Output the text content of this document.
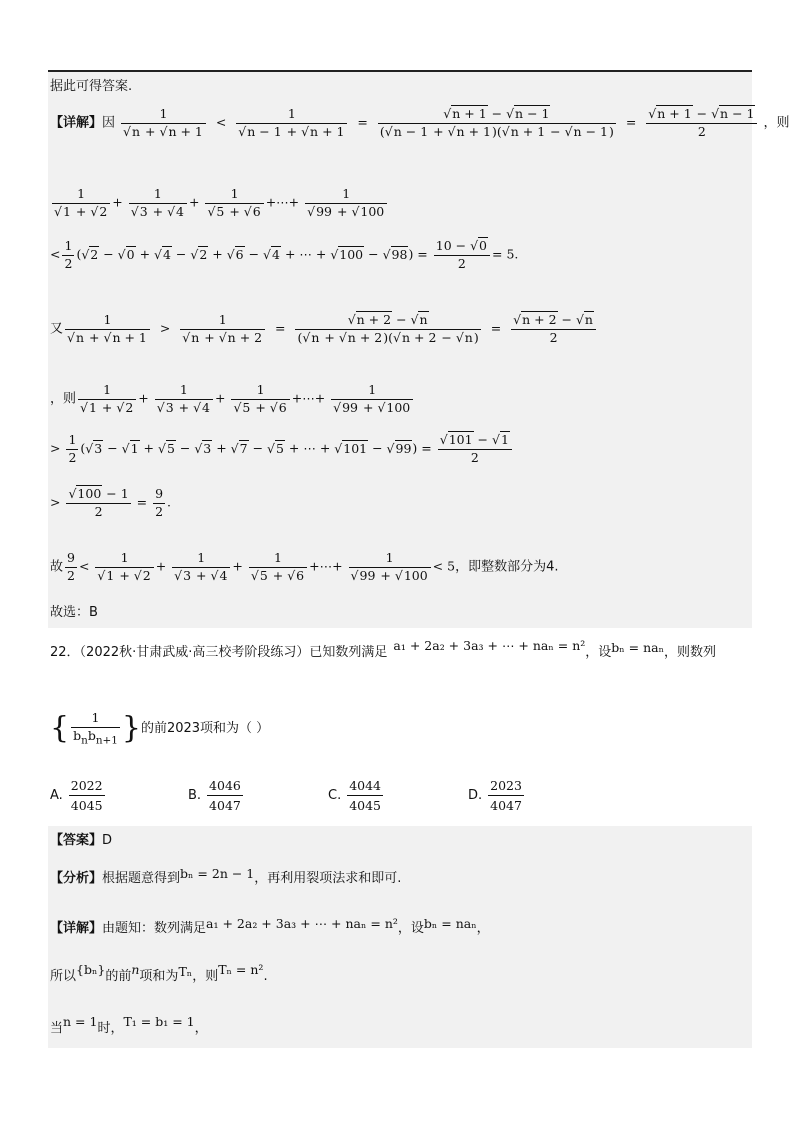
据此可得答案.
【详解】因 1
√ n + √ n + 1 < 1
√ n − 1 + √ n + 1 = √ $\frac{n + 1 - √ n - 1}{( √ n - 1 + √ n + 1)( √ n + 1 - √ n - 1)}$ = √ $\frac{n + 1 - √ n - 1}{2}$ ，则
1
√ 1 + √ 2 + 1
√ 3 + √ 4 + 1
√ 5 + √ 6 +⋯+ 1
√ 99 + √ 100
< $\frac{1}{2}$ ( √ 2 − √ 0 + √ 4 − √ 2 + √ 6 − √ 4 + ⋯ + √ 100 − √ $98) = \frac{10 - √ 0}{2} = 5$.
又 1
√ n + √ n + 1 > 1
√ n + √ n + 2 = √ $\frac{n + 2 - √ n}{( √ n + √ n + 2)( √ n + 2 - √ n)}$ = √ $\frac{n + 2 - √ n}{2}$
，则 1
√ 1 + √ 2 + 1
√ 3 + √ 4 + 1
√ 5 + √ 6 +⋯+ 1
√ 99 + √ 100
> $\frac{1}{2}$ ( √ 3 − √ 1 + √ 5 − √ 3 + √ 7 − √ 5 + ⋯ + √ 101 − √ 99) = √ $\frac{101 - √ 1}{2}$
> √ $\frac{100 - 1}{2} = \frac{9}{2}$ .
故 $\frac{9}{2} < 1$
√ 1 + √ 2 + 1
√ 3 + √ 4 + 1
√ 5 + √ 6 +⋯+ 1
√ 99 + √ 100 < 5，即整数部分为4.
故选：B
22．（2022秋·甘肃武威·高三校考阶段练习）已知数列满足 a₁ + 2a₂ + 3a₃ + ⋯ + naₙ = n²，设bₙ = naₙ，则数列
{ $\frac{1}{b_nb_{n+1}}$ }的前2023项和为（ ）
A. $\frac{2022}{4045}$	B. $\frac{4046}{4047}$	C. $\frac{4044}{4045}$	D. $\frac{2023}{4047}$
【答案】D
【分析】根据题意得到bₙ = 2n − 1，再利用裂项法求和即可.
【详解】由题知：数列满足a₁ + 2a₂ + 3a₃ + ⋯ + naₙ = n²，设bₙ = naₙ，
所以{bₙ}的前n项和为Tₙ，则Tₙ = n².
当n = 1时，T₁ = b₁ = 1，
